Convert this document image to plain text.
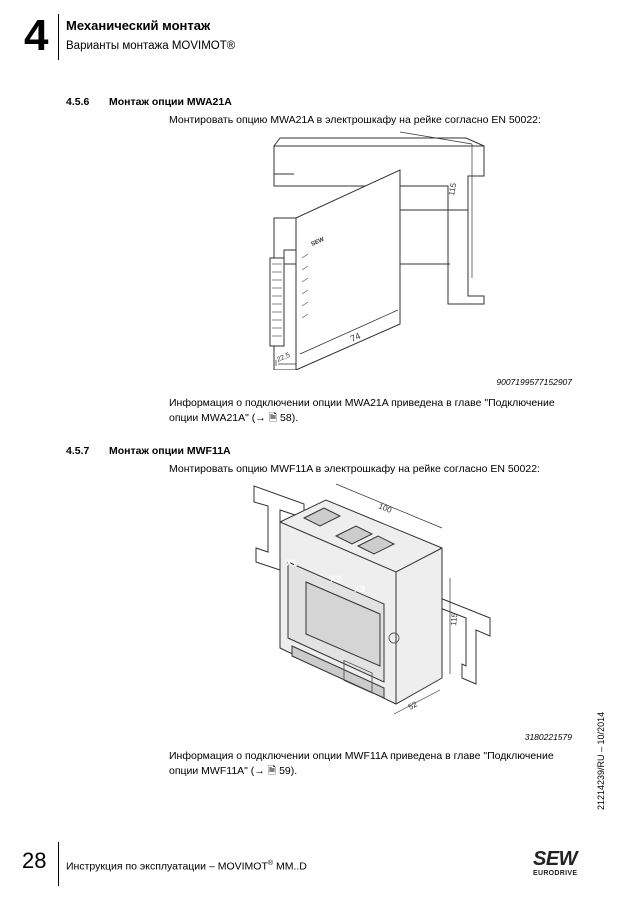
4 Механический монтаж
Варианты монтажа MOVIMOT®
4.5.6 Монтаж опции MWA21A
Монтировать опцию MWA21A в электрошкафу на рейке согласно EN 50022:
115
74
22,5
SEW
9007199577152907
Информация о подключении опции MWA21A приведена в главе "Подключение
опции MWA21A" (→ 🗎 58).
4.5.7 Монтаж опции MWF11A
Монтировать опцию MWF11A в электрошкафу на рейке согласно EN 50022:
X1
X2
X3
100
115
52
3180221579
Информация о подключении опции MWF11A приведена в главе "Подключение
опции MWF11A" (→ 🗎 59).	21214239/RU – 10/2014
28 Инструкция по эксплуатации – MOVIMOT® MM..D	SEW
EURODRIVE
